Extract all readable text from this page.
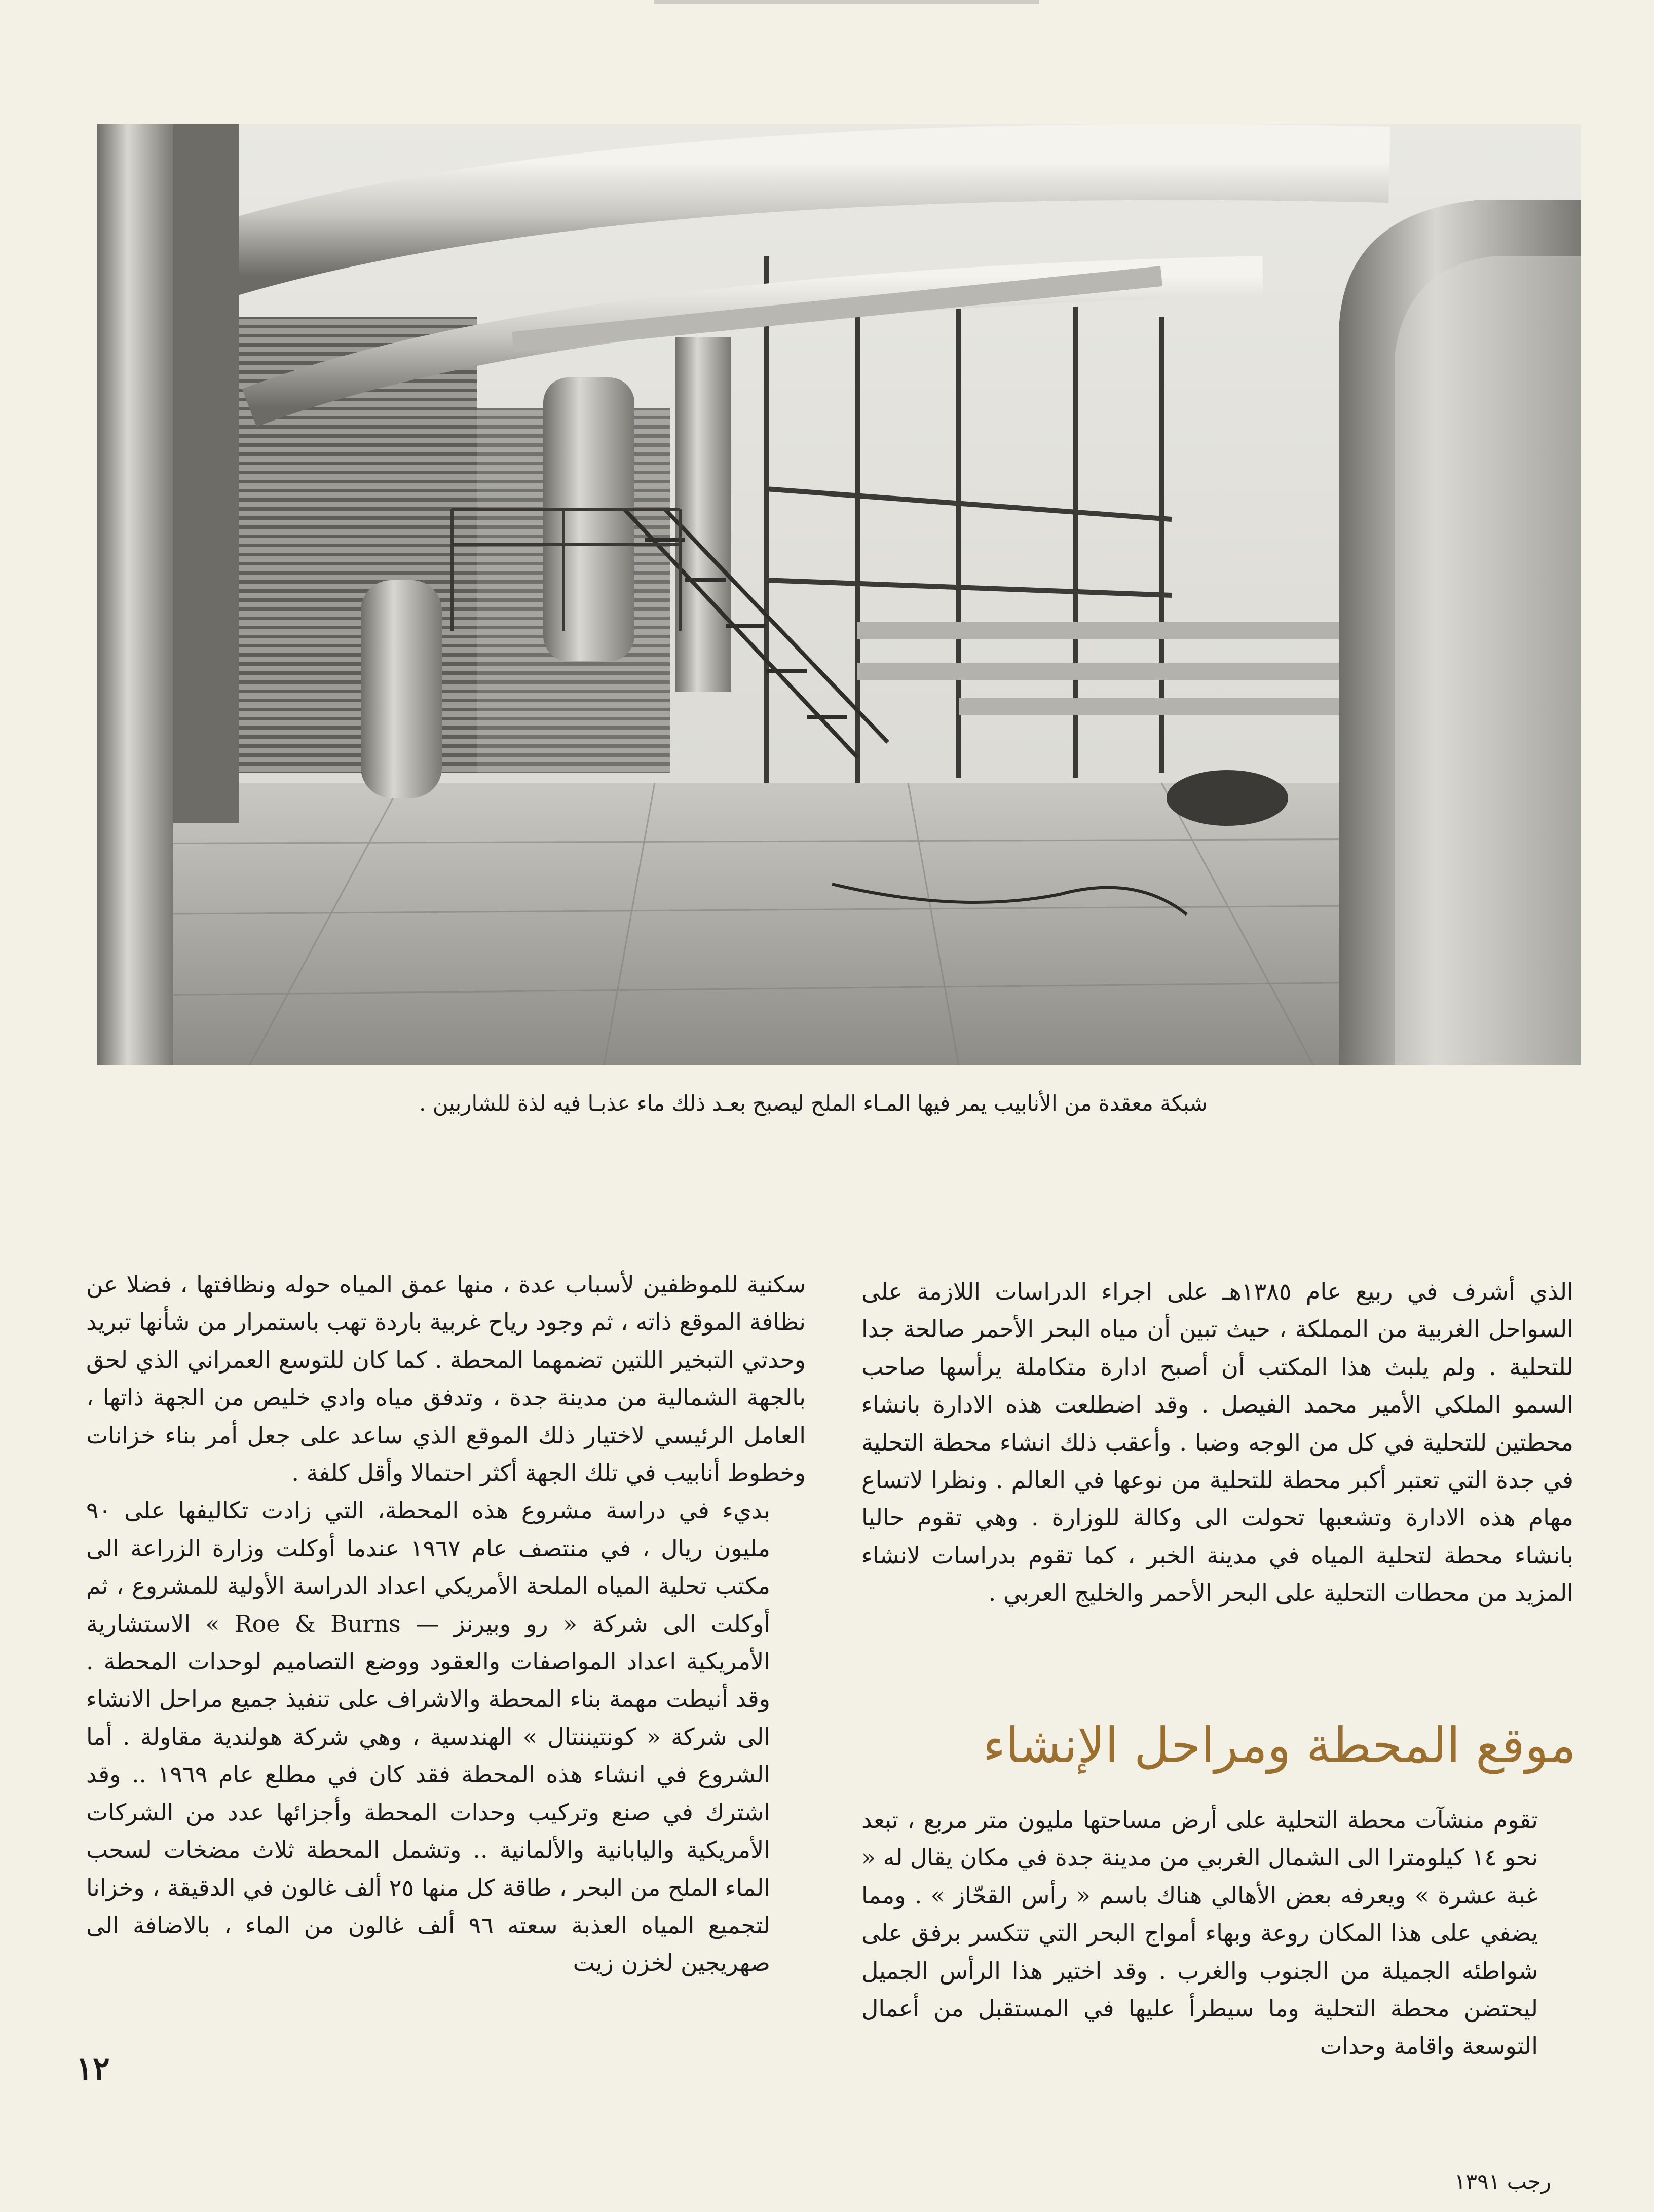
شبكة معقدة من الأنابيب يمر فيها المـاء الملح ليصبح بعـد ذلك ماء عذبـا فيه لذة للشاربين .

الذي أشرف في ربيع عام ١٣٨٥هـ على اجراء الدراسات اللازمة على السواحل الغربية من المملكة ، حيث تبين أن مياه البحر الأحمر صالحة جدا للتحلية . ولم يلبث هذا المكتب أن أصبح ادارة متكاملة يرأسها صاحب السمو الملكي الأمير محمد الفيصل . وقد اضطلعت هذه الادارة بانشاء محطتين للتحلية في كل من الوجه وضبا . وأعقب ذلك انشاء محطة التحلية في جدة التي تعتبر أكبر محطة للتحلية من نوعها في العالم . ونظرا لاتساع مهام هذه الادارة وتشعبها تحولت الى وكالة للوزارة . وهي تقوم حاليا بانشاء محطة لتحلية المياه في مدينة الخبر ، كما تقوم بدراسات لانشاء المزيد من محطات التحلية على البحر الأحمر والخليج العربي .

موقع المحطة ومراحل الإنشاء

تقوم منشآت محطة التحلية على أرض مساحتها مليون متر مربع ، تبعد نحو ١٤ كيلومترا الى الشمال الغربي من مدينة جدة في مكان يقال له « غبة عشرة » ويعرفه بعض الأهالي هناك باسم « رأس القحّاز » . ومما يضفي على هذا المكان روعة وبهاء أمواج البحر التي تتكسر برفق على شواطئه الجميلة من الجنوب والغرب . وقد اختير هذا الرأس الجميل ليحتضن محطة التحلية وما سيطرأ عليها في المستقبل من أعمال التوسعة واقامة وحدات

سكنية للموظفين لأسباب عدة ، منها عمق المياه حوله ونظافتها ، فضلا عن نظافة الموقع ذاته ، ثم وجود رياح غربية باردة تهب باستمرار من شأنها تبريد وحدتي التبخير اللتين تضمهما المحطة . كما كان للتوسع العمراني الذي لحق بالجهة الشمالية من مدينة جدة ، وتدفق مياه وادي خليص من الجهة ذاتها ، العامل الرئيسي لاختيار ذلك الموقع الذي ساعد على جعل أمر بناء خزانات وخطوط أنابيب في تلك الجهة أكثر احتمالا وأقل كلفة .

بديء في دراسة مشروع هذه المحطة، التي زادت تكاليفها على ٩٠ مليون ريال ، في منتصف عام ١٩٦٧ عندما أوكلت وزارة الزراعة الى مكتب تحلية المياه الملحة الأمريكي اعداد الدراسة الأولية للمشروع ، ثم أوكلت الى شركة « رو وبيرنز — Roe & Burns » الاستشارية الأمريكية اعداد المواصفات والعقود ووضع التصاميم لوحدات المحطة . وقد أنيطت مهمة بناء المحطة والاشراف على تنفيذ جميع مراحل الانشاء الى شركة « كونتيننتال » الهندسية ، وهي شركة هولندية مقاولة . أما الشروع في انشاء هذه المحطة فقد كان في مطلع عام ١٩٦٩ .. وقد اشترك في صنع وتركيب وحدات المحطة وأجزائها عدد من الشركات الأمريكية واليابانية والألمانية .. وتشمل المحطة ثلاث مضخات لسحب الماء الملح من البحر ، طاقة كل منها ٢٥ ألف غالون في الدقيقة ، وخزانا لتجميع المياه العذبة سعته ٩٦ ألف غالون من الماء ، بالاضافة الى صهريجين لخزن زيت

١٢
رجب ١٣٩١
